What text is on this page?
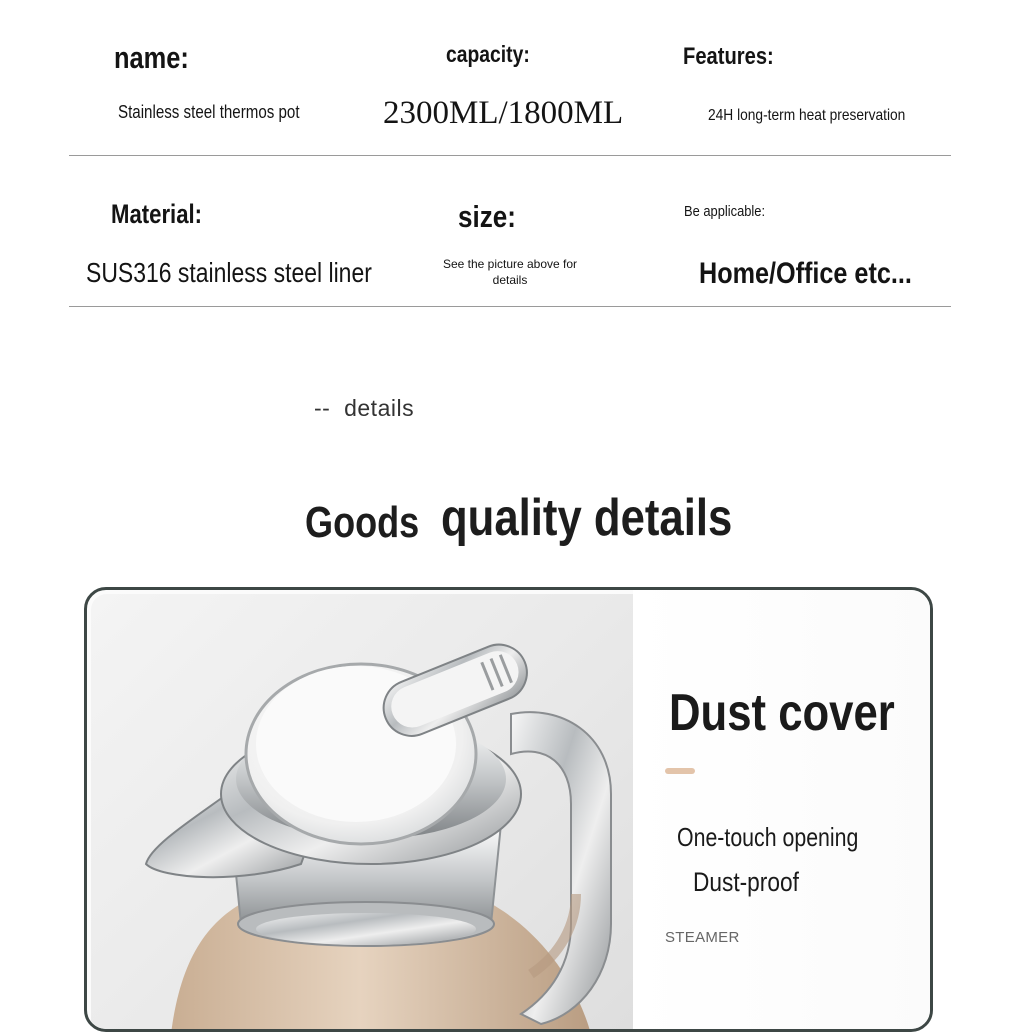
name:
Stainless steel thermos pot
capacity:
2300ML/1800ML
Features:
24H long-term heat preservation
Material:
SUS316 stainless steel liner
size:
See the picture above for
details
Be applicable:
Home/Office etc...
--  details
Goods quality details
Dust cover
One-touch opening
Dust-proof
STEAMER
